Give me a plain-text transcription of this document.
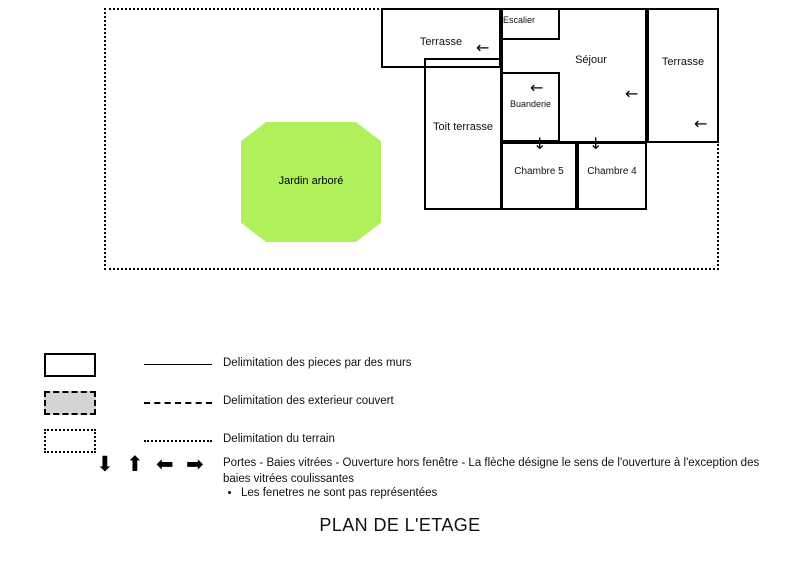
Jardin arboré
Terrasse
Toit terrasse
Escalier
Buanderie
Séjour	Terrasse
Chambre 5	Chambre 4
←
←	←
←
↓	↓
Delimitation des pieces par des murs
Delimitation des exterieur couvert
Delimitation du terrain
⬇ ⬆ ⬅ ➡ Portes - Baies vitrées - Ouverture hors fenêtre - La flèche désigne le sens de l'ouverture à l'exception des baies vitrées coulissantes
• Les fenetres ne sont pas représentées
PLAN DE L'ETAGE
